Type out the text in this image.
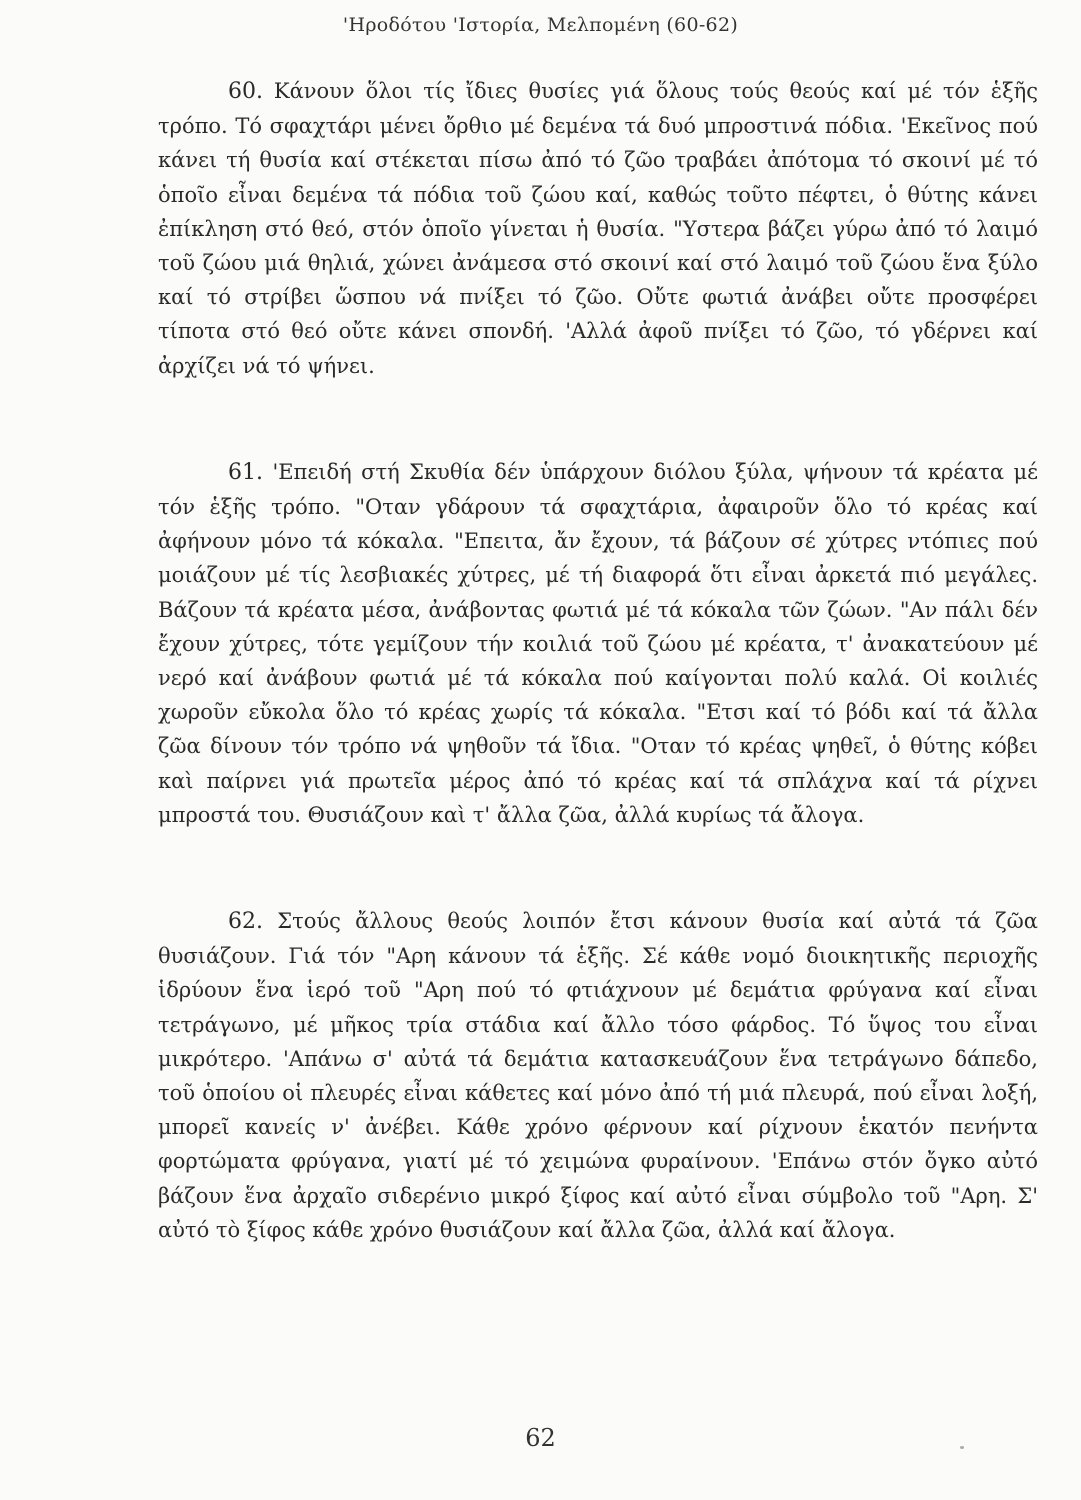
'Ηροδότου 'Ιστορία, Μελπομένη (60-62)

60. Κάνουν ὅλοι τίς ἴδιες θυσίες γιά ὅλους τούς θεούς καί μέ τόν ἑξῆς τρόπο. Τό σφαχτάρι μένει ὄρθιο μέ δεμένα τά δυό μπροστινά πόδια. 'Εκεῖνος πού κάνει τή θυσία καί στέκεται πίσω ἀπό τό ζῶο τραβάει ἀπότομα τό σκοινί μέ τό ὁποῖο εἶναι δεμένα τά πόδια τοῦ ζώου καί, καθώς τοῦτο πέφτει, ὁ θύτης κάνει ἐπίκληση στό θεό, στόν ὁποῖο γίνεται ἡ θυσία. "Υστερα βάζει γύρω ἀπό τό λαιμό τοῦ ζώου μιά θηλιά, χώνει ἀνάμεσα στό σκοινί καί στό λαιμό τοῦ ζώου ἕνα ξύλο καί τό στρίβει ὥσπου νά πνίξει τό ζῶο. Οὔτε φωτιά ἀνάβει οὔτε προσφέρει τίποτα στό θεό οὔτε κάνει σπονδή. 'Αλλά ἀφοῦ πνίξει τό ζῶο, τό γδέρνει καί ἀρχίζει νά τό ψήνει.

61. 'Επειδή στή Σκυθία δέν ὑπάρχουν διόλου ξύλα, ψήνουν τά κρέατα μέ τόν ἑξῆς τρόπο. "Οταν γδάρουν τά σφαχτάρια, ἀφαιροῦν ὅλο τό κρέας καί ἀφήνουν μόνο τά κόκαλα. "Επειτα, ἄν ἔχουν, τά βάζουν σέ χύτρες ντόπιες πού μοιάζουν μέ τίς λεσβιακές χύτρες, μέ τή διαφορά ὅτι εἶναι ἀρκετά πιό μεγάλες. Βάζουν τά κρέατα μέσα, ἀνάβοντας φωτιά μέ τά κόκαλα τῶν ζώων. "Αν πάλι δέν ἔχουν χύτρες, τότε γεμίζουν τήν κοιλιά τοῦ ζώου μέ κρέατα, τ' ἀνακατεύουν μέ νερό καί ἀνάβουν φωτιά μέ τά κόκαλα πού καίγονται πολύ καλά. Οἱ κοιλιές χωροῦν εὔκολα ὅλο τό κρέας χωρίς τά κόκαλα. "Ετσι καί τό βόδι καί τά ἄλλα ζῶα δίνουν τόν τρόπο νά ψηθοῦν τά ἴδια. "Οταν τό κρέας ψηθεῖ, ὁ θύτης κόβει καὶ παίρνει γιά πρωτεῖα μέρος ἀπό τό κρέας καί τά σπλάχνα καί τά ρίχνει μπροστά του. Θυσιάζουν καὶ τ' ἄλλα ζῶα, ἀλλά κυρίως τά ἄλογα.

62. Στούς ἄλλους θεούς λοιπόν ἔτσι κάνουν θυσία καί αὐτά τά ζῶα θυσιάζουν. Γιά τόν "Αρη κάνουν τά ἑξῆς. Σέ κάθε νομό διοικητικῆς περιοχῆς ἱδρύουν ἕνα ἱερό τοῦ "Αρη πού τό φτιάχνουν μέ δεμάτια φρύγανα καί εἶναι τετράγωνο, μέ μῆκος τρία στάδια καί ἄλλο τόσο φάρδος. Τό ὕψος του εἶναι μικρότερο. 'Απάνω σ' αὐτά τά δεμάτια κατασκευάζουν ἕνα τετράγωνο δάπεδο, τοῦ ὁποίου οἱ πλευρές εἶναι κάθετες καί μόνο ἀπό τή μιά πλευρά, πού εἶναι λοξή, μπορεῖ κανείς ν' ἀνέβει. Κάθε χρόνο φέρνουν καί ρίχνουν ἑκατόν πενήντα φορτώματα φρύγανα, γιατί μέ τό χειμώνα φυραίνουν. 'Επάνω στόν ὄγκο αὐτό βάζουν ἕνα ἀρχαῖο σιδερένιο μικρό ξίφος καί αὐτό εἶναι σύμβολο τοῦ "Αρη. Σ' αὐτό τὸ ξίφος κάθε χρόνο θυσιάζουν καί ἄλλα ζῶα, ἀλλά καί ἄλογα.

62
